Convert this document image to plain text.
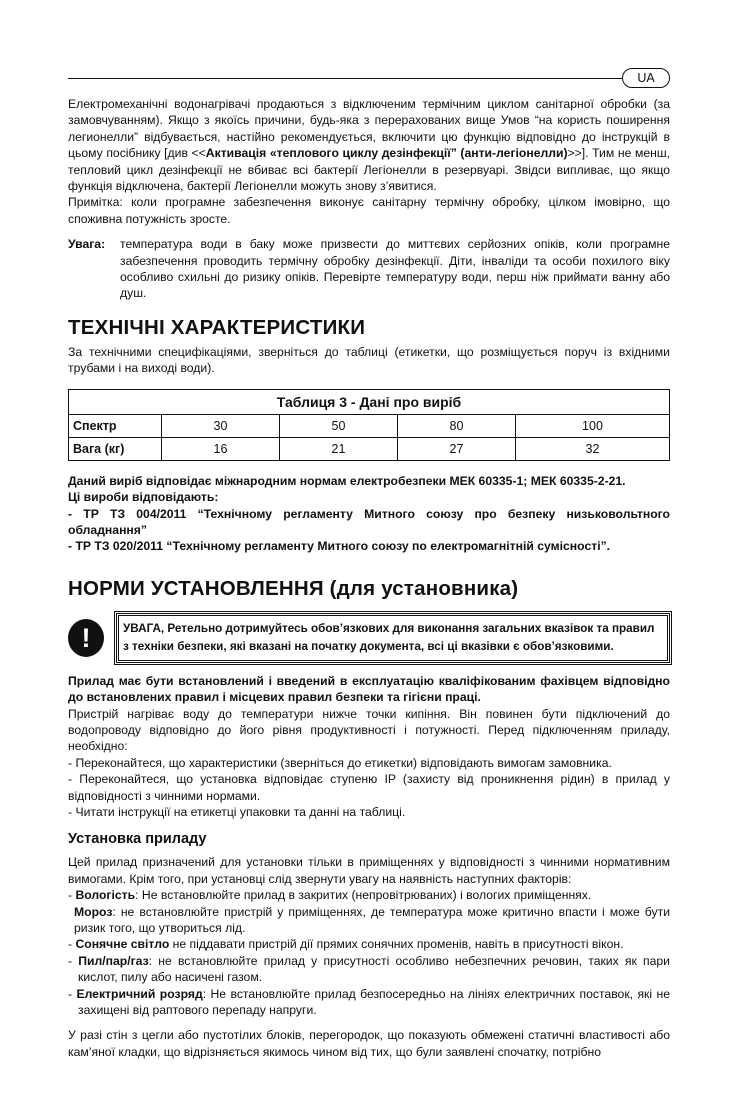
UA

Електромеханічні водонагрівачі продаються з відключеним термічним циклом санітарної обробки (за замовчуванням). Якщо з якоїсь причини, будь-яка з перерахованих вище Умов “на користь поширення легионелли” відбувається, настійно рекомендується, включити цю функцію відповідно до інструкцій в цьому посібнику [див <<Активація «теплового циклу дезінфекції” (анти-легіонелли)>>]. Тим не менш, тепловий цикл дезінфекції не вбиває всі бактерії Легіонелли в резервуарі. Звідси випливає, що якщо функція відключена, бактерії Легіонелли можуть знову з’явитися.

Примітка: коли програмне забезпечення виконує санітарну термічну обробку, цілком імовірно, що споживна потужність зросте.

Увага:	температура води в баку може призвести до миттєвих серйозних опіків, коли програмне забезпечення проводить термічну обробку дезінфекції. Діти, інваліди та особи похилого віку особливо схильні до ризику опіків. Перевірте температуру води, перш ніж приймати ванну або душ.

ТЕХНІЧНІ ХАРАКТЕРИСТИКИ

За технічними специфікаціями, зверніться до таблиці (етикетки, що розміщується поруч із вхідними трубами і на виході води).

Таблиця 3 - Дані про виріб				
Спектр	30	50	80	100
Вага (кг)	16	21	27	32

Даний виріб відповідає міжнародним нормам електробезпеки МЕК 60335-1; МЕК 60335-2-21.

Ці вироби відповідають:

- ТР ТЗ 004/2011 “Технічному регламенту Митного союзу про безпеку низьковольтного обладнання”

- ТР ТЗ 020/2011 “Технічному регламенту Митного союзу по електромагнітній сумісності”.

НОРМИ УСТАНОВЛЕННЯ (для установника)
!	УВАГА, Ретельно дотримуйтесь обов’язкових для виконання загальних вказівок та правил з техніки безпеки, які вказані на початку документа, всі ці вказівки є обов’язковими.

Прилад має бути встановлений і введений в експлуатацію кваліфікованим фахівцем відповідно до встановлених правил і місцевих правил безпеки та гігієни праці.

Пристрій нагріває воду до температури нижче точки кипіння. Він повинен бути підключений до водопроводу відповідно до його рівня продуктивності і потужності. Перед підключенням приладу, необхідно:

- Переконайтеся, що характеристики (зверніться до етикетки) відповідають вимогам замовника.

- Переконайтеся, що установка відповідає ступеню IP (захисту від проникнення рідин) в прилад у відповідності з чинними нормами.

- Читати інструкції на етикетці упаковки та данні на таблиці.

Установка приладу

Цей прилад призначений для установки тільки в приміщеннях у відповідності з чинними нормативним вимогами. Крім того, при установці слід звернути увагу на наявність наступних факторів:

- Вологість: Не встановлюйте прилад в закритих (непровітрюваних) і вологих приміщеннях.

Мороз: не встановлюйте пристрій у приміщеннях, де температура може критично впасти і може бути ризик того, що утвориться лід.

- Сонячне світло не піддавати пристрій дії прямих сонячних променів, навіть в присутності вікон.

- Пил/пар/газ: не встановлюйте прилад у присутності особливо небезпечних речовин, таких як пари кислот, пилу або насичені газом.

- Електричний розряд: Не встановлюйте прилад безпосередньо на лініях електричних поставок, які не захищені від раптового перепаду напруги.

У разі стін з цегли або пустотілих блоків, перегородок, що показують обмежені статичні властивості або кам’яної кладки, що відрізняється якимось чином від тих, що були заявлені спочатку, потрібно
